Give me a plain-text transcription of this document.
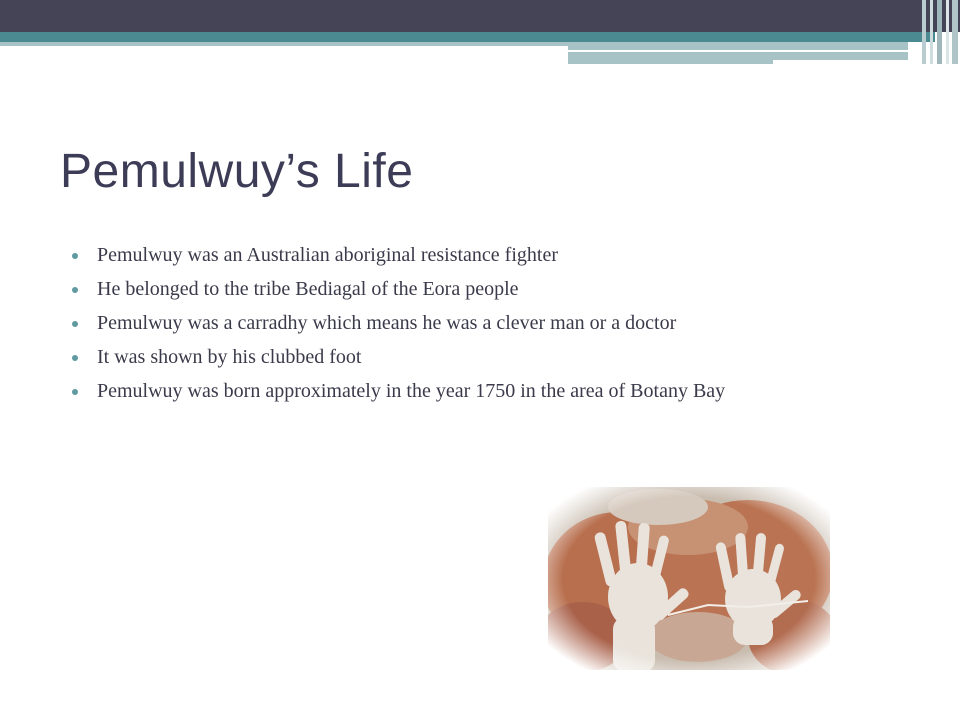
Pemulwuy’s Life
Pemulwuy was an Australian aboriginal resistance fighter
He belonged to the tribe Bediagal of the Eora people
Pemulwuy was a carradhy which means he was a clever man or a doctor
It was shown by his clubbed foot
Pemulwuy was born approximately in the year 1750 in the area of Botany Bay
